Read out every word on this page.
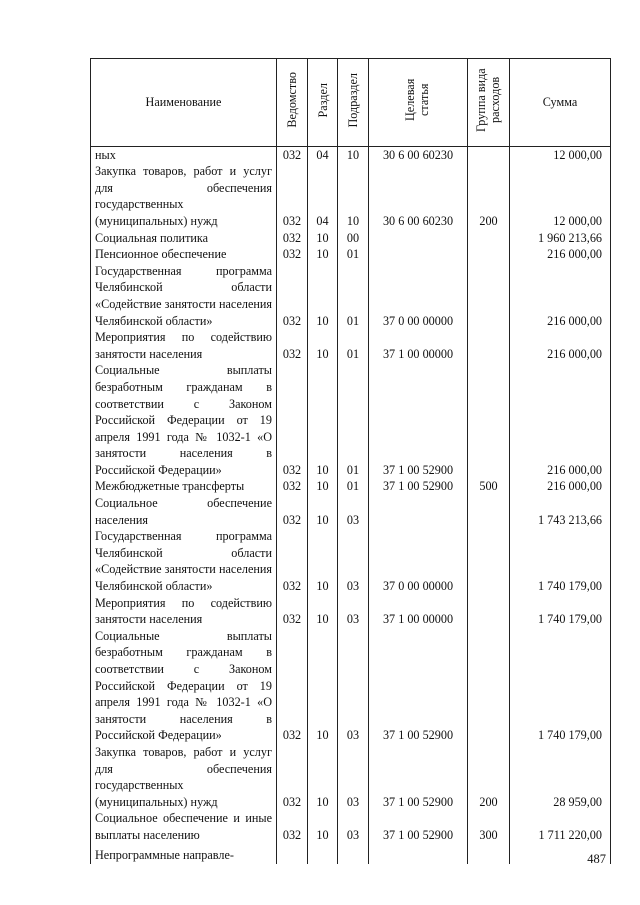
Наименование	Ведомство	Раздел	Подраздел	Целевая статья	Группа вида расходов	Сумма
ных	032	04	10	30 6 00 60230		12 000,00
Закупка товаров, работ и услуг для обеспечения государственных (муниципальных) нужд	032	04	10	30 6 00 60230	200	12 000,00
Социальная политика	032	10	00			1 960 213,66
Пенсионное обеспечение	032	10	01			216 000,00
Государственная программа Челябинской области «Содействие занятости населения Челябинской области»	032	10	01	37 0 00 00000		216 000,00
Мероприятия по содействию занятости населения	032	10	01	37 1 00 00000		216 000,00
Социальные выплаты безработным гражданам в соответствии с Законом Российской Федерации от 19 апреля 1991 года № 1032-1 «О занятости населения в Российской Федерации»	032	10	01	37 1 00 52900		216 000,00
Межбюджетные трансферты	032	10	01	37 1 00 52900	500	216 000,00
Социальное обеспечение населения	032	10	03			1 743 213,66
Государственная программа Челябинской области «Содействие занятости населения Челябинской области»	032	10	03	37 0 00 00000		1 740 179,00
Мероприятия по содействию занятости населения	032	10	03	37 1 00 00000		1 740 179,00
Социальные выплаты безработным гражданам в соответствии с Законом Российской Федерации от 19 апреля 1991 года № 1032-1 «О занятости населения в Российской Федерации»	032	10	03	37 1 00 52900		1 740 179,00
Закупка товаров, работ и услуг для обеспечения государственных (муниципальных) нужд	032	10	03	37 1 00 52900	200	28 959,00
Социальное обеспечение и иные выплаты населению	032	10	03	37 1 00 52900	300	1 711 220,00
Непрограммные направле-							487
